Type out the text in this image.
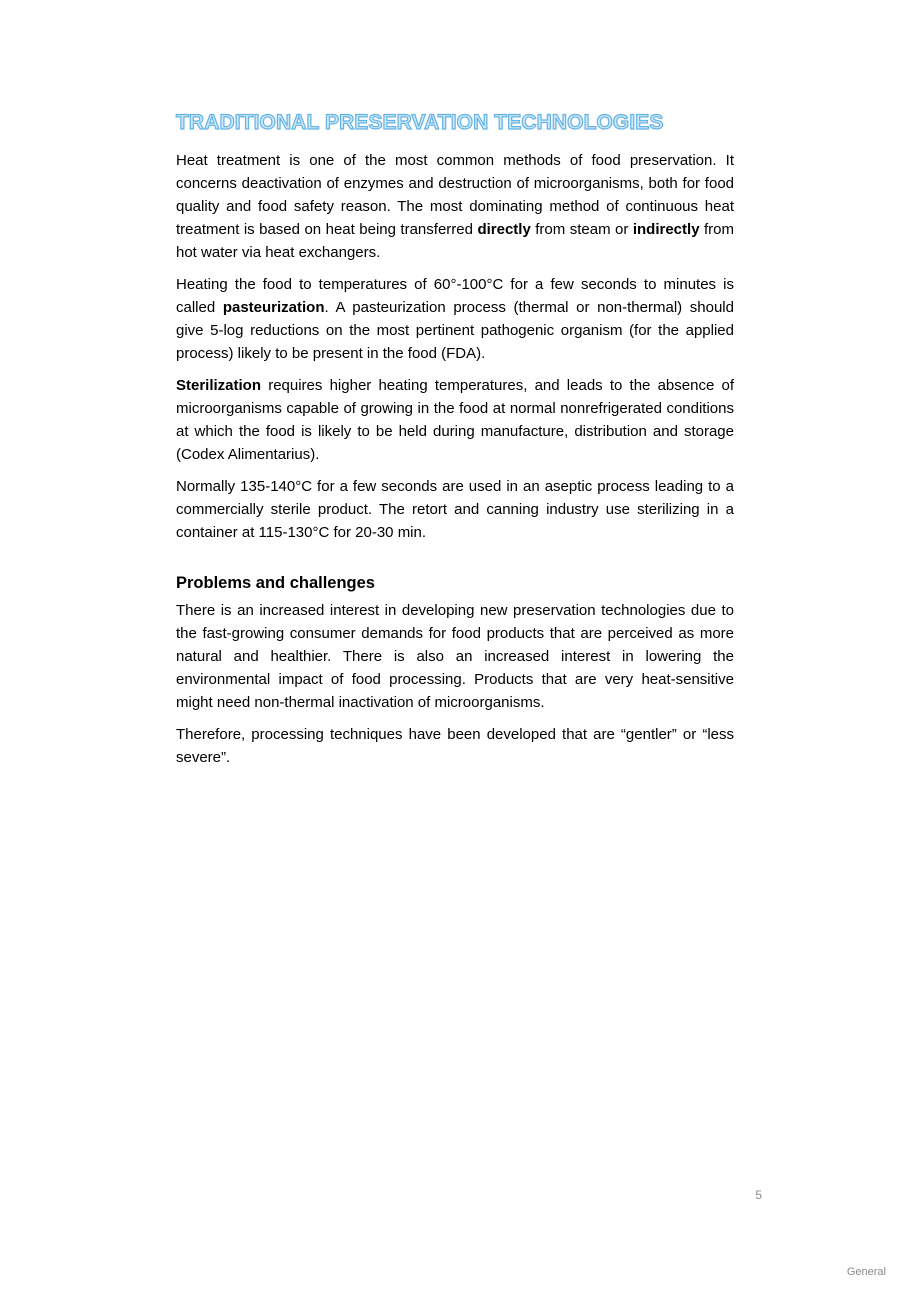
TRADITIONAL PRESERVATION TECHNOLOGIES

Heat treatment is one of the most common methods of food preservation. It concerns deactivation of enzymes and destruction of microorganisms, both for food quality and food safety reason. The most dominating method of continuous heat treatment is based on heat being transferred directly from steam or indirectly from hot water via heat exchangers.

Heating the food to temperatures of 60°-100°C for a few seconds to minutes is called pasteurization. A pasteurization process (thermal or non-thermal) should give 5-log reductions on the most pertinent pathogenic organism (for the applied process) likely to be present in the food (FDA).

Sterilization requires higher heating temperatures, and leads to the absence of microorganisms capable of growing in the food at normal nonrefrigerated conditions at which the food is likely to be held during manufacture, distribution and storage (Codex Alimentarius).

Normally 135-140°C for a few seconds are used in an aseptic process leading to a commercially sterile product. The retort and canning industry use sterilizing in a container at 115-130°C for 20-30 min.

Problems and challenges

There is an increased interest in developing new preservation technologies due to the fast-growing consumer demands for food products that are perceived as more natural and healthier. There is also an increased interest in lowering the environmental impact of food processing. Products that are very heat-sensitive might need non-thermal inactivation of microorganisms.

Therefore, processing techniques have been developed that are “gentler” or “less severe”.

5
General
